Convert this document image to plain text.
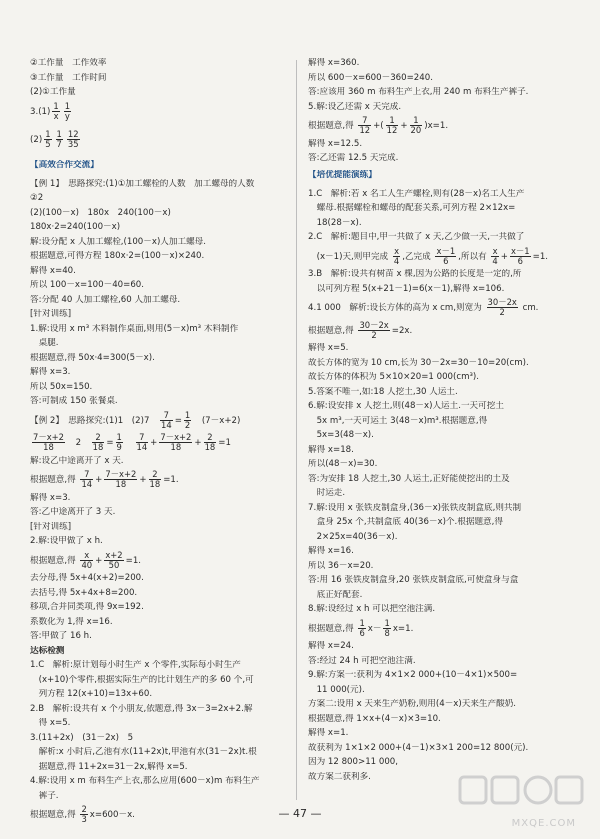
②工作量　工作效率
③工作量　工作时间
(2)①工作量
$3.(1) \frac{1}{x} \frac{1}{y}$
$(2) \frac{1}{5} \frac{1}{7} \frac{12}{35}$
【高效合作交流】
【例 1】　思路探究:(1)①加工螺栓的人数　加工螺母的人数
②2
(2)(100－x)　180x　240(100－x)
180x·2=240(100－x)
解:设分配 x 人加工螺栓,(100－x)人加工螺母.
根据题意,可得方程 180x·2=(100－x)×240.
解得 x=40.
所以 100－x=100－40=60.
答:分配 40 人加工螺栓,60 人加工螺母.
[针对训练]
1.解:设用 x m³ 木料制作桌面,则用(5－x)m³ 木料制作
　桌腿.
根据题意,得 50x·4=300(5－x).
解得 x=3.
所以 50x=150.
答:可制成 150 张餐桌.
【例 2】　思路探究:(1)1　(2)7　 $\frac{7}{14} = \frac{1}{2}$ 　(7－x+2)
$\frac{7-x+2}{18}$ 　2　 $\frac{2}{18} = \frac{1}{9}$
　 $\frac{7}{14} + \frac{7-x+2}{18} + \frac{2}{18} =1$
解:设乙中途离开了 x 天.
根据题意,得 $\frac{7}{14} + \frac{7-x+2}{18} + \frac{2}{18} =1$.
解得 x=3.
答:乙中途离开了 3 天.
[针对训练]
2.解:设甲做了 x h.
根据题意,得 $\frac{x}{40} + \frac{x+2}{50} =1$.
去分母,得 5x+4(x+2)=200.
去括号,得 5x+4x+8=200.
移项,合并同类项,得 9x=192.
系数化为 1,得 x=16.
答:甲做了 16 h.
达标检测
1.C　解析:原计划每小时生产 x 个零件,实际每小时生产
　(x+10)个零件,根据实际生产的比计划生产的多 60 个,可
　列方程 12(x+10)=13x+60.
2.B　解析:设共有 x 个小朋友,依题意,得 3x－3=2x+2.解
　得 x=5.
3.(11+2x)　(31－2x)　5
　解析:x 小时后,乙池有水(11+2x)t,甲池有水(31－2x)t.根
　据题意,得 11+2x=31－2x,解得 x=5.
4.解:设用 x m 布料生产上衣,那么应用(600－x)m 布料生产
　裤子.
根据题意,得 $\frac{2}{3} x=600-x$.
解得 x=360.
所以 600－x=600－360=240.
答:应该用 360 m 布料生产上衣,用 240 m 布料生产裤子.
5.解:设乙还需 x 天完成.
根据题意,得 $\frac{7}{12}$ +( $\frac{1}{12} + \frac{1}{20} )x=1$.
解得 x=12.5.
答:乙还需 12.5 天完成.
【培优提能演练】
1.C　解析:若 x 名工人生产螺栓,则有(28－x)名工人生产
　螺母.根据螺栓和螺母的配套关系,可列方程 2×12x=
　18(28－x).
2.C　解析:题目中,甲一共做了 x 天,乙少做一天,一共做了
　(x－1)天,则甲完成 $\frac{x}{4}$ ,乙完成 $\frac{x-1}{6}$ ,所以有 $\frac{x}{4} + \frac{x-1}{6} =1$.
3.B　解析:设共有树苗 x 棵,因为公路的长度是一定的,所
　以可列方程 5(x+21－1)=6(x－1),解得 x=106.
4.1 000　解析:设长方体的高为 x cm,则宽为 $\frac{30-2x}{2}$ cm.
根据题意,得 $\frac{30-2x}{2} =2x$.
解得 x=5.
故长方体的宽为 10 cm,长为 30－2x=30－10=20(cm).
故长方体的体积为 5×10×20=1 000(cm³).
5.答案不唯一,如:18 人挖土,30 人运土.
6.解:设安排 x 人挖土,则(48－x)人运土.一天可挖土
　5x m³,一天可运土 3(48－x)m³.根据题意,得
　5x=3(48－x).
解得 x=18.
所以(48－x)=30.
答:为安排 18 人挖土,30 人运土,正好能使挖出的土及
　时运走.
7.解:设用 x 张铁皮制盒身,(36－x)张铁皮制盒底,则共制
　盒身 25x 个,共制盒底 40(36－x)个.根据题意,得
　2×25x=40(36－x).
解得 x=16.
所以 36－x=20.
答:用 16 张铁皮制盒身,20 张铁皮制盒底,可使盒身与盒
　底正好配套.
8.解:设经过 x h 可以把空池注满.
根据题意,得 $\frac{1}{6} x- \frac{1}{8} x=1$.
解得 x=24.
答:经过 24 h 可把空池注满.
9.解:方案一:获利为 4×1×2 000+(10－4×1)×500=
　11 000(元).
方案二:设用 x 天来生产奶粉,则用(4－x)天来生产酸奶.
根据题意,得 1×x+(4－x)×3=10.
解得 x=1.
故获利为 1×1×2 000+(4－1)×3×1 200=12 800(元).
因为 12 800>11 000,
故方案二获利多.
— 47 —
MXQE.COM
